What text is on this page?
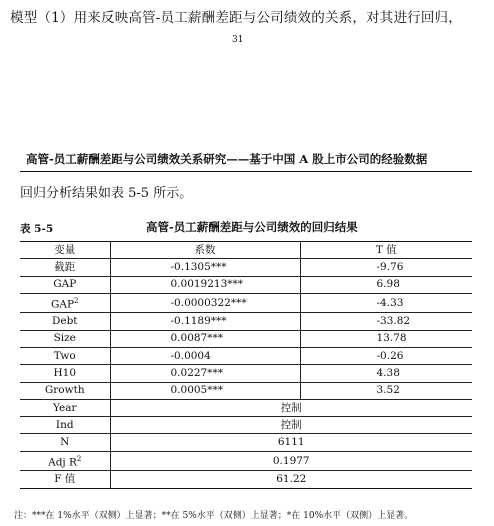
模型（1）用来反映高管-员工薪酬差距与公司绩效的关系，对其进行回归，
31
高管-员工薪酬差距与公司绩效关系研究——基于中国 A 股上市公司的经验数据
回归分析结果如表 5-5 所示。
表 5-5	高管-员工薪酬差距与公司绩效的回归结果
变量	系数	T 值
截距	-0.1305***	-9.76
GAP	0.0019213***	6.98
GAP$^2$	-0.0000322***	-4.33
Debt	-0.1189***	-33.82
Size	0.0087***	13.78
Two	-0.0004	-0.26
H10	0.0227***	4.38
Growth	0.0005***	3.52
Year	控制	
Ind	控制	
N	6111	
Adj $R^2$	0.1977	
F 值	61.22	
注：***在 1%水平（双侧）上显著；**在 5%水平（双侧）上显著；*在 10%水平（双侧）上显著。
